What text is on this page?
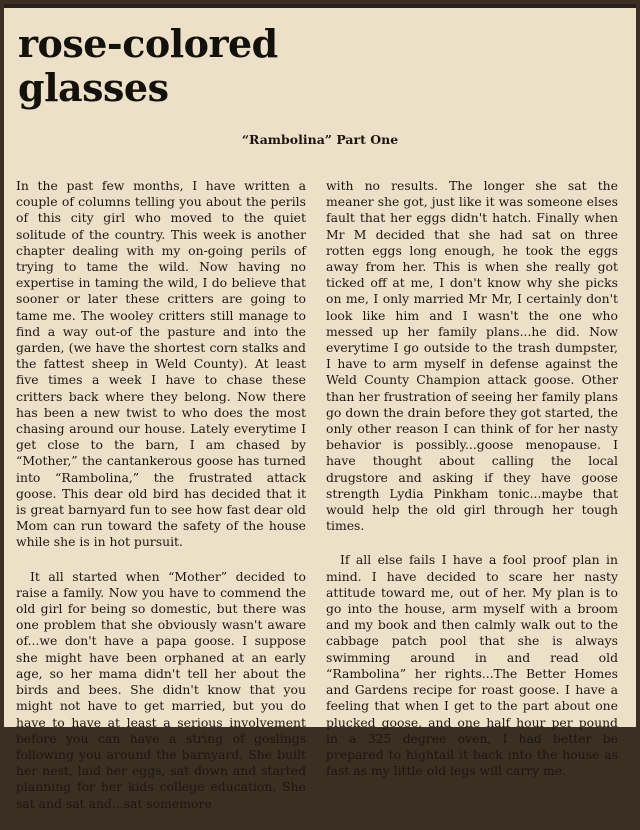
rose-colored
glasses
“Rambolina” Part One

In the past few months, I have written a couple of columns telling you about the perils of this city girl who moved to the quiet solitude of the country. This week is another chapter dealing with my on-going perils of trying to tame the wild. Now having no expertise in taming the wild, I do believe that sooner or later these critters are going to tame me. The wooley critters still manage to find a way out-of the pasture and into the garden, (we have the shortest corn stalks and the fattest sheep in Weld County). At least five times a week I have to chase these critters back where they belong. Now there has been a new twist to who does the most chasing around our house. Lately everytime I get close to the barn, I am chased by “Mother,” the cantankerous goose has turned into “Rambolina,” the frustrated attack goose. This dear old bird has decided that it is great barnyard fun to see how fast dear old Mom can run toward the safety of the house while she is in hot pursuit.

It all started when “Mother” decided to raise a family. Now you have to commend the old girl for being so domestic, but there was one problem that she obviously wasn't aware of...we don't have a papa goose. I suppose she might have been orphaned at an early age, so her mama didn't tell her about the birds and bees. She didn't know that you might not have to get married, but you do have to have at least a serious involvement before you can have a string of goslings following you around the barnyard. She built her nest, laid her eggs, sat down and started planning for her kids college education. She sat and sat and...sat somemore

with no results. The longer she sat the meaner she got, just like it was someone elses fault that her eggs didn't hatch. Finally when Mr M decided that she had sat on three rotten eggs long enough, he took the eggs away from her. This is when she really got ticked off at me, I don't know why she picks on me, I only married Mr Mr, I certainly don't look like him and I wasn't the one who messed up her family plans...he did. Now everytime I go outside to the trash dumpster, I have to arm myself in defense against the Weld County Champion attack goose. Other than her frustration of seeing her family plans go down the drain before they got started, the only other reason I can think of for her nasty behavior is possibly...goose menopause. I have thought about calling the local drugstore and asking if they have goose strength Lydia Pinkham tonic...maybe that would help the old girl through her tough times.

If all else fails I have a fool proof plan in mind. I have decided to scare her nasty attitude toward me, out of her. My plan is to go into the house, arm myself with a broom and my book and then calmly walk out to the cabbage patch pool that she is always swimming around in and read old “Rambolina” her rights...The Better Homes and Gardens recipe for roast goose. I have a feeling that when I get to the part about one plucked goose, and one half hour per pound in a 325 degree oven, I had better be prepared to hightail it back into the house as fast as my little old legs will carry me.
